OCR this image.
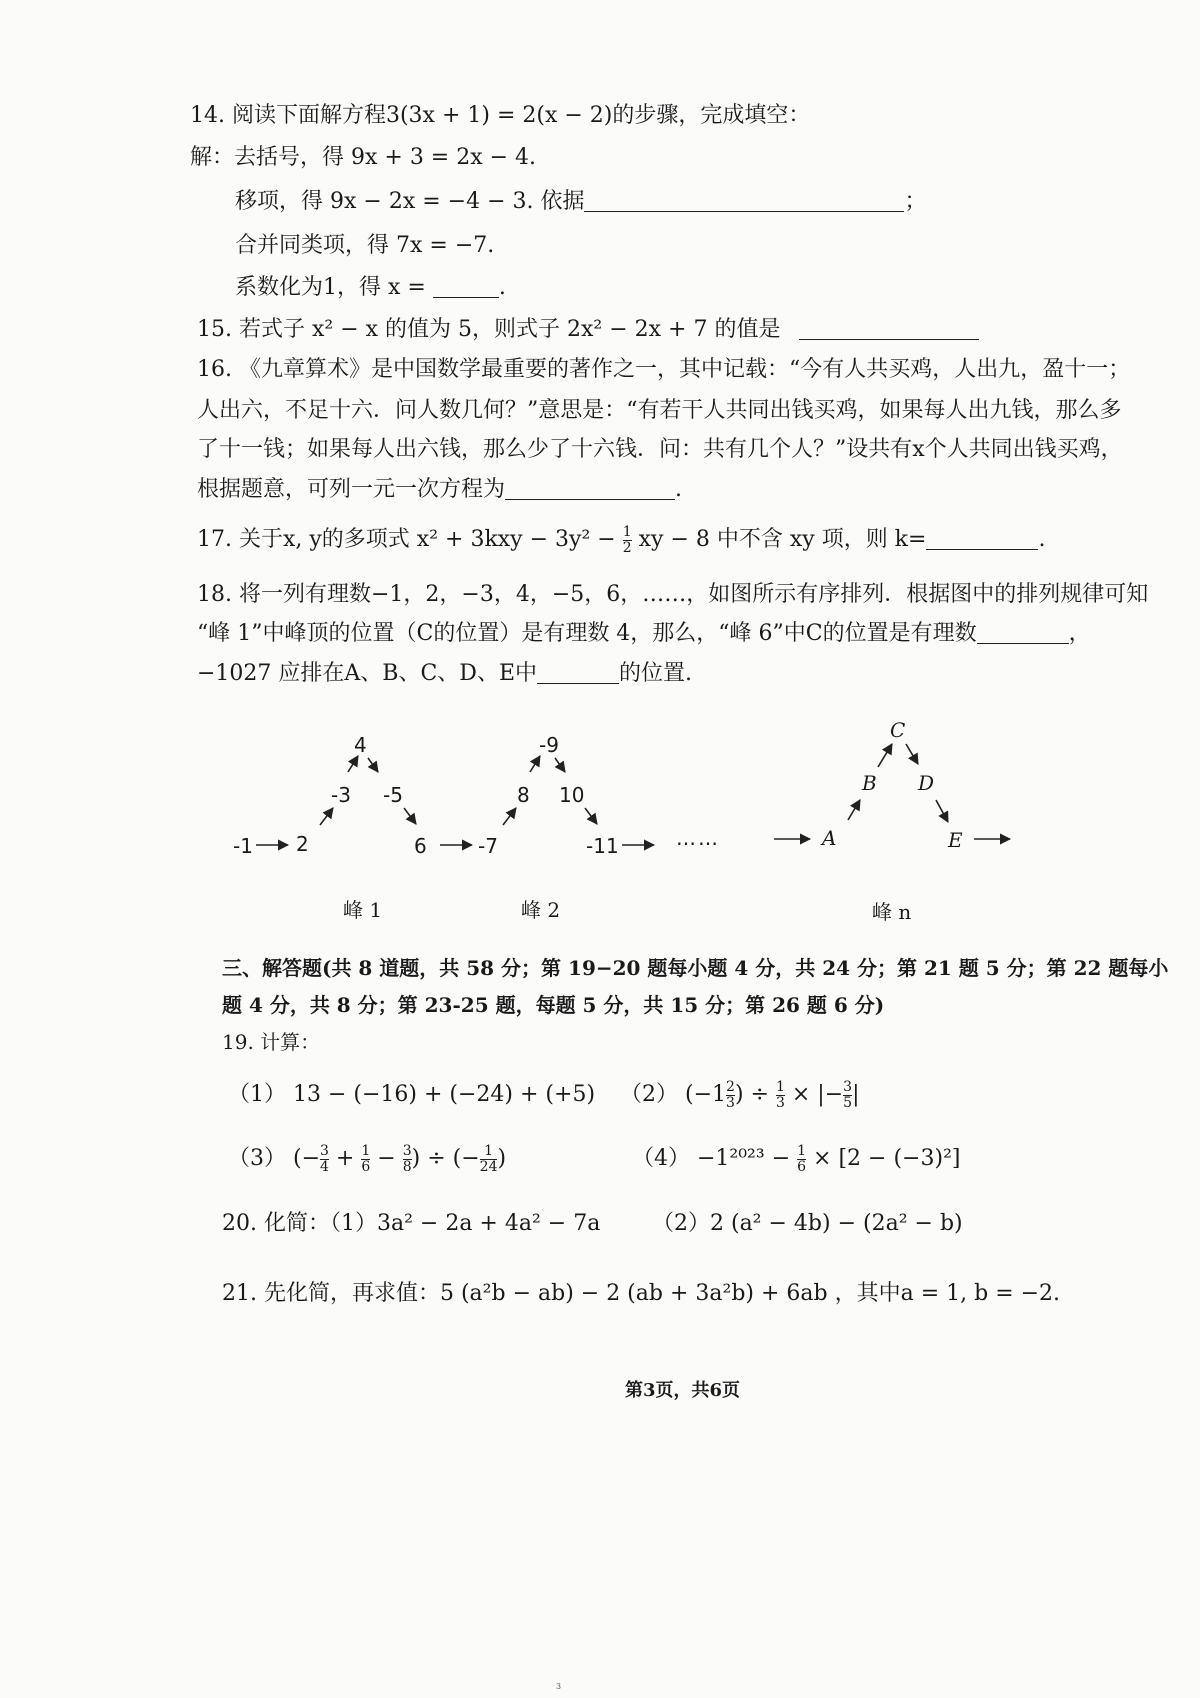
14. 阅读下面解方程3(3x + 1) = 2(x − 2)的步骤，完成填空：
解：去括号，得 9x + 3 = 2x − 4.
移项，得 9x − 2x = −4 − 3. 依据	；
合并同类项，得 7x = −7.
系数化为1，得 x =	.
15. 若式子 x² − x 的值为 5，则式子 2x² − 2x + 7 的值是
16. 《九章算术》是中国数学最重要的著作之一，其中记载：“今有人共买鸡，人出九，盈十一；
人出六，不足十六．问人数几何？”意思是：“有若干人共同出钱买鸡，如果每人出九钱，那么多
了十一钱；如果每人出六钱，那么少了十六钱．问：共有几个人？”设共有x个人共同出钱买鸡，
根据题意，可列一元一次方程为	.
17. 关于x, y的多项式 $x^2 + 3kxy - 3y^2 - \frac{1}{2}$ xy − 8 中不含 xy 项，则 k=	.
18. 将一列有理数−1，2，−3，4，−5，6，……，如图所示有序排列．根据图中的排列规律可知
“峰 1”中峰顶的位置（C的位置）是有理数 4，那么，“峰 6”中C的位置是有理数	，
−1027 应排在A、B、C、D、E中	的位置.
-1 2
-3
4
-5
6	-7
8
-9
10
-11	……	A
B
C
D
E
峰 1	峰 2	峰 n
三、解答题(共 8 道题，共 58 分；第 19−20 题每小题 4 分，共 24 分；第 21 题 5 分；第 22 题每小
题 4 分，共 8 分；第 23-25 题，每题 5 分，共 15 分；第 26 题 6 分)
19. 计算：
（1） 13 − (−16) + (−24) + (+5) （2） ($-1 \frac{2}{3}$ ) ÷ $\frac{1}{3}$ × |− $\frac{3}{5}$ |
（3） (− $\frac{3}{4} + \frac{1}{6} - \frac{3}{8}$ ) ÷ (− $\frac{1}{24}$ )	$(4) -1^{2023} - \frac{1}{6} \times [2 - (-3)^2]$
20. 化简：（1）3a² − 2a + 4a² − 7a （2）2 (a² − 4b) − (2a² − b)
21. 先化简，再求值：5 (a²b − ab) − 2 (ab + 3a²b) + 6ab ，其中a = 1, b = −2.
第3页，共6页
3
